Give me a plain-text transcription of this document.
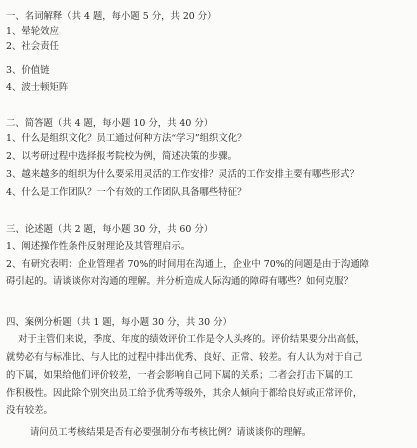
一、名词解释（共 4 题，每小题 5 分，共 20 分）
1、晕轮效应
2、社会责任
3、价值链
4、波士顿矩阵
二、简答题（共 4 题，每小题 10 分，共 40 分）
1、什么是组织文化？员工通过何种方法“学习”组织文化？
2、以考研过程中选择报考院校为例，简述决策的步骤。
3、越来越多的组织为什么要采用灵活的工作安排？灵活的工作安排主要有哪些形式？
4、什么是工作团队？一个有效的工作团队具备哪些特征？
三、论述题（共 2 题，每小题 30 分，共 60 分）
1、阐述操作性条件反射理论及其管理启示。
2、有研究表明：企业管理者 70%的时间用在沟通上，企业中 70%的问题是由于沟通障
碍引起的。请谈谈你对沟通的理解。并分析造成人际沟通的障碍有哪些？如何克服？
四、案例分析题（共 1 题，每小题 30 分，共 30 分）
对于主管们来说，季度、年度的绩效评价工作是令人头疼的。评价结果要分出高低，
就势必有与标准比、与人比的过程中排出优秀、良好、正常、较差。有人认为对于自己
的下属，如果给他们评价较差，一者会影响自己同下属的关系；二者会打击下属的工
作积极性。因此除个别突出员工给予优秀等级外，其余人倾向于都给良好或正常评价，
没有较差。
请问员工考核结果是否有必要强制分布考核比例？请谈谈你的理解。
